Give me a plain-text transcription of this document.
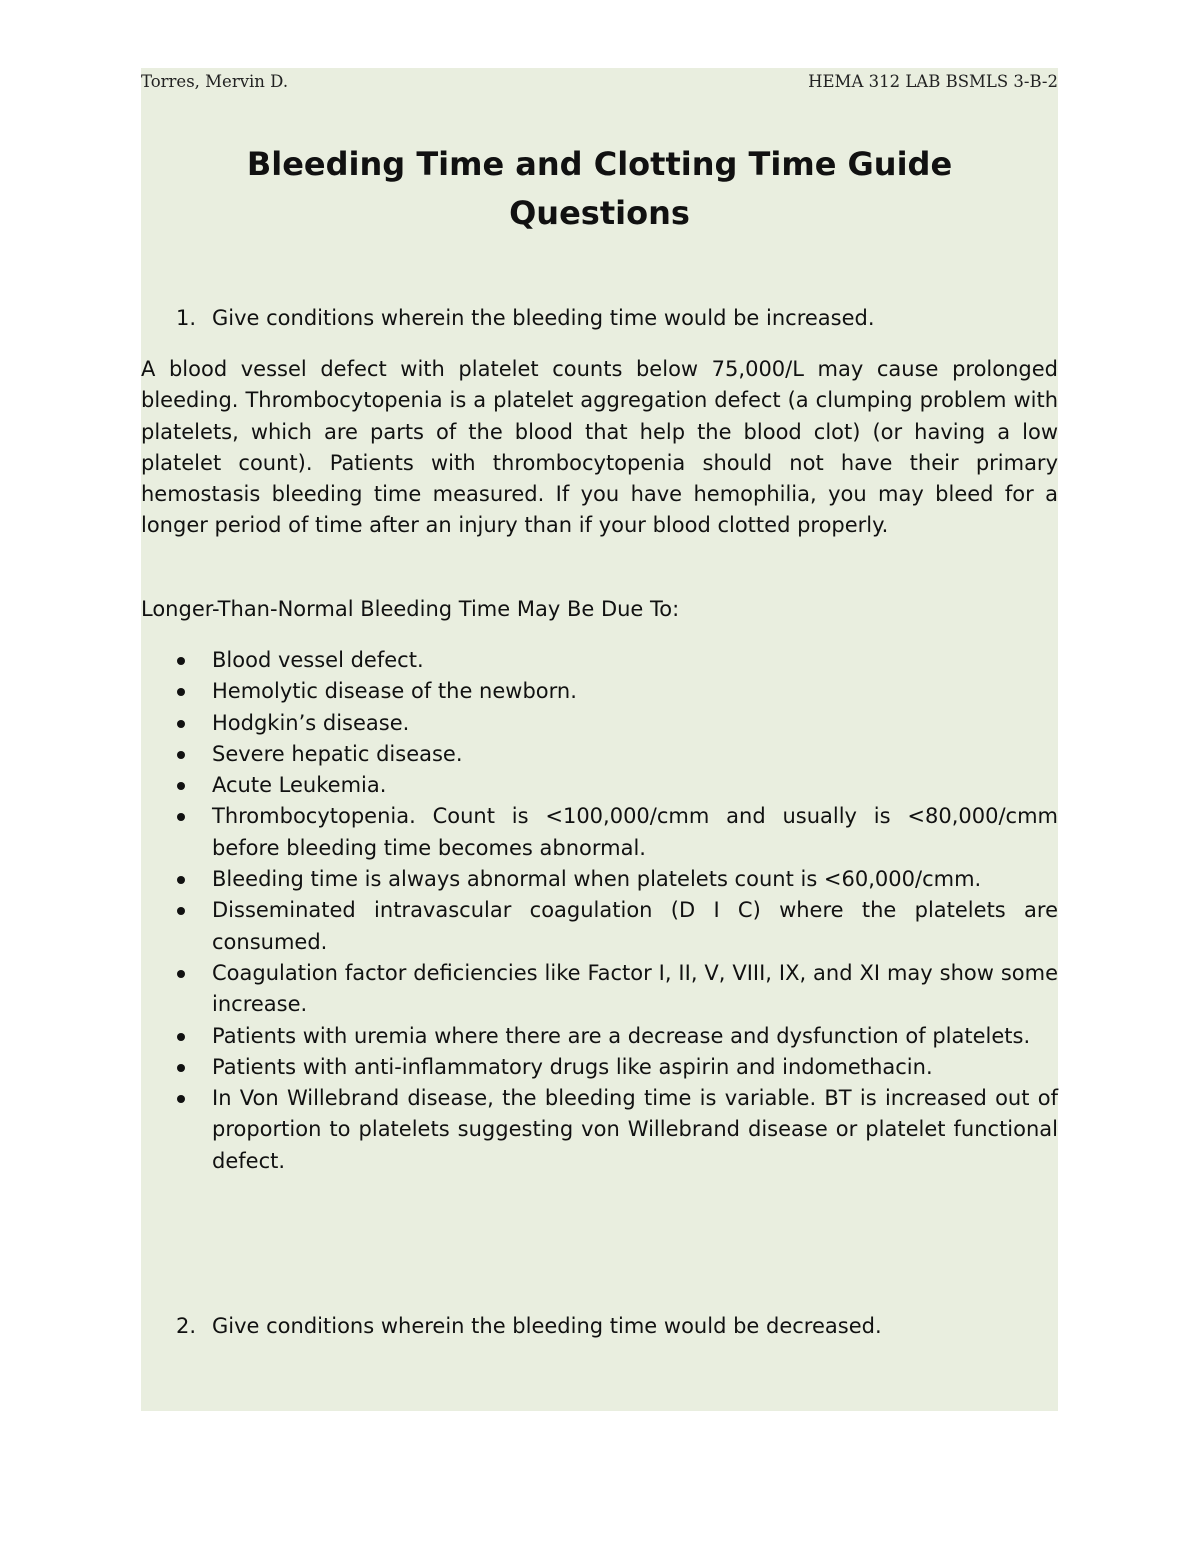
Torres, Mervin D.	HEMA 312 LAB BSMLS 3-B-2
Bleeding Time and Clotting Time Guide
Questions
1. Give conditions wherein the bleeding time would be increased.

A blood vessel defect with platelet counts below 75,000/L may cause prolonged bleeding. Thrombocytopenia is a platelet aggregation defect (a clumping problem with platelets, which are parts of the blood that help the blood clot) (or having a low platelet count). Patients with thrombocytopenia should not have their primary hemostasis bleeding time measured. If you have hemophilia, you may bleed for a longer period of time after an injury than if your blood clotted properly.

Longer-Than-Normal Bleeding Time May Be Due To:

Blood vessel defect.
Hemolytic disease of the newborn.
Hodgkin’s disease.
Severe hepatic disease.
Acute Leukemia.
Thrombocytopenia. Count is <100,000/cmm and usually is <80,000/cmm before bleeding time becomes abnormal.
Bleeding time is always abnormal when platelets count is <60,000/cmm.
Disseminated intravascular coagulation (D I C) where the platelets are consumed.
Coagulation factor deficiencies like Factor I, II, V, VIII, IX, and XI may show some increase.
Patients with uremia where there are a decrease and dysfunction of platelets.
Patients with anti-inflammatory drugs like aspirin and indomethacin.
In Von Willebrand disease, the bleeding time is variable. BT is increased out of proportion to platelets suggesting von Willebrand disease or platelet functional defect.
2. Give conditions wherein the bleeding time would be decreased.
